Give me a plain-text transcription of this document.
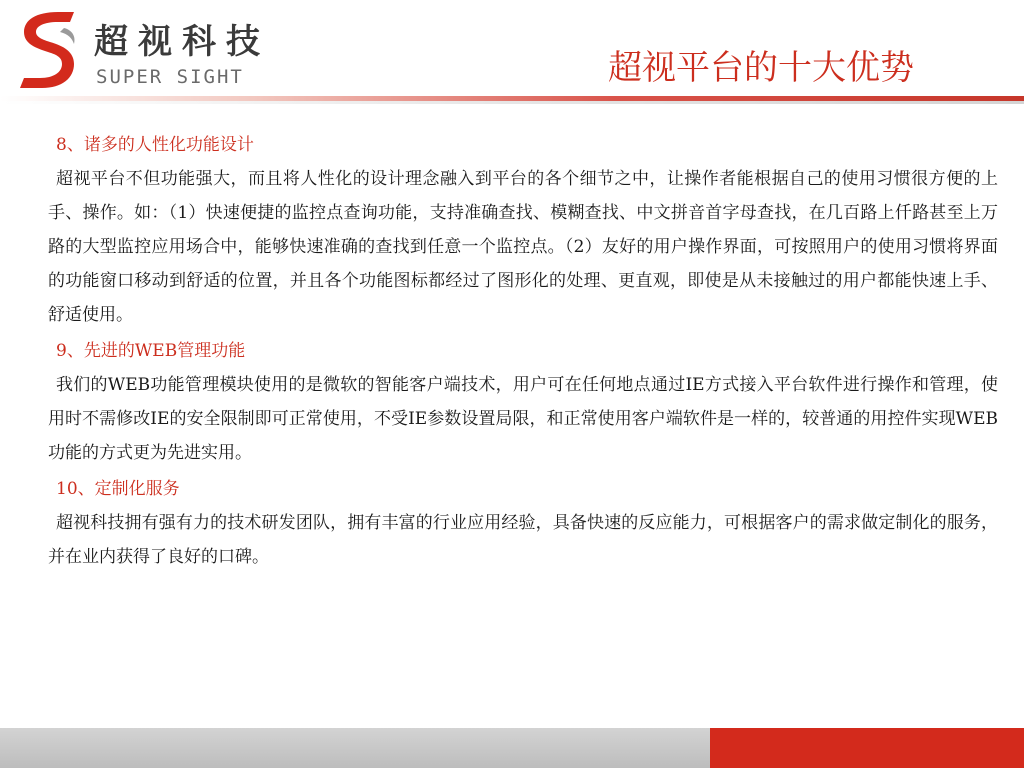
超视科技
SUPER SIGHT	超视平台的十大优势
8、诸多的人性化功能设计
超视平台不但功能强大，而且将人性化的设计理念融入到平台的各个细节之中，让操作者能根据自己的使用习惯很方便的上手、操作。如：（1）快速便捷的监控点查询功能，支持准确查找、模糊查找、中文拼音首字母查找，在几百路上仟路甚至上万路的大型监控应用场合中，能够快速准确的查找到任意一个监控点。（2）友好的用户操作界面，可按照用户的使用习惯将界面的功能窗口移动到舒适的位置，并且各个功能图标都经过了图形化的处理、更直观，即使是从未接触过的用户都能快速上手、舒适使用。
9、先进的WEB管理功能
我们的WEB功能管理模块使用的是微软的智能客户端技术，用户可在任何地点通过IE方式接入平台软件进行操作和管理，使用时不需修改IE的安全限制即可正常使用，不受IE参数设置局限，和正常使用客户端软件是一样的，较普通的用控件实现WEB功能的方式更为先进实用。
10、定制化服务
超视科技拥有强有力的技术研发团队，拥有丰富的行业应用经验，具备快速的反应能力，可根据客户的需求做定制化的服务，并在业内获得了良好的口碑。
